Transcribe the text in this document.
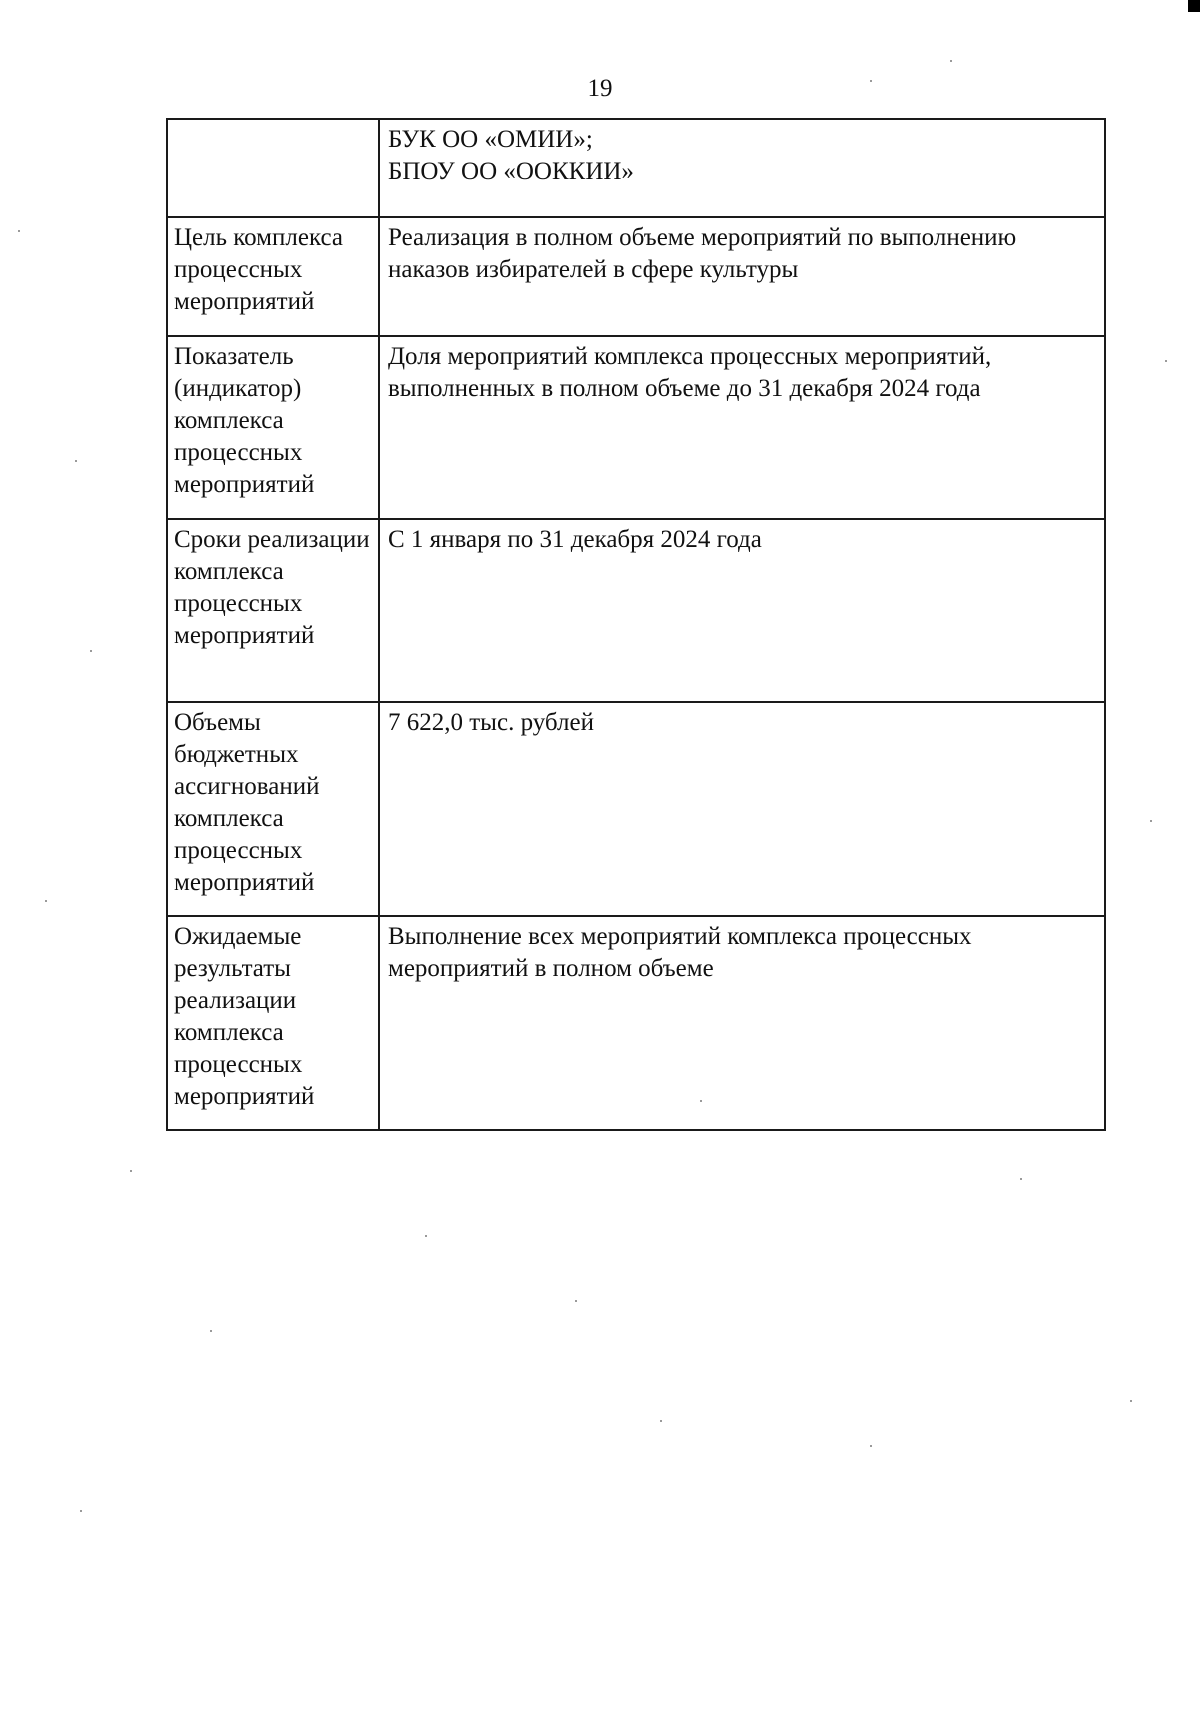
19

	БУК ОО «ОМИИ»;
БПОУ ОО «ООККИИ»

Цель комплекса процессных мероприятий	Реализация в полном объеме мероприятий по выполнению наказов избирателей в сфере культуры
Показатель (индикатор) комплекса процессных мероприятий	Доля мероприятий комплекса процессных мероприятий, выполненных в полном объеме до 31 декабря 2024 года
Сроки реализации комплекса процессных мероприятий	С 1 января по 31 декабря 2024 года
Объемы бюджетных ассигнований комплекса процессных мероприятий	7 622,0 тыс. рублей
Ожидаемые результаты реализации комплекса процессных мероприятий	Выполнение всех мероприятий комплекса процессных мероприятий в полном объеме
